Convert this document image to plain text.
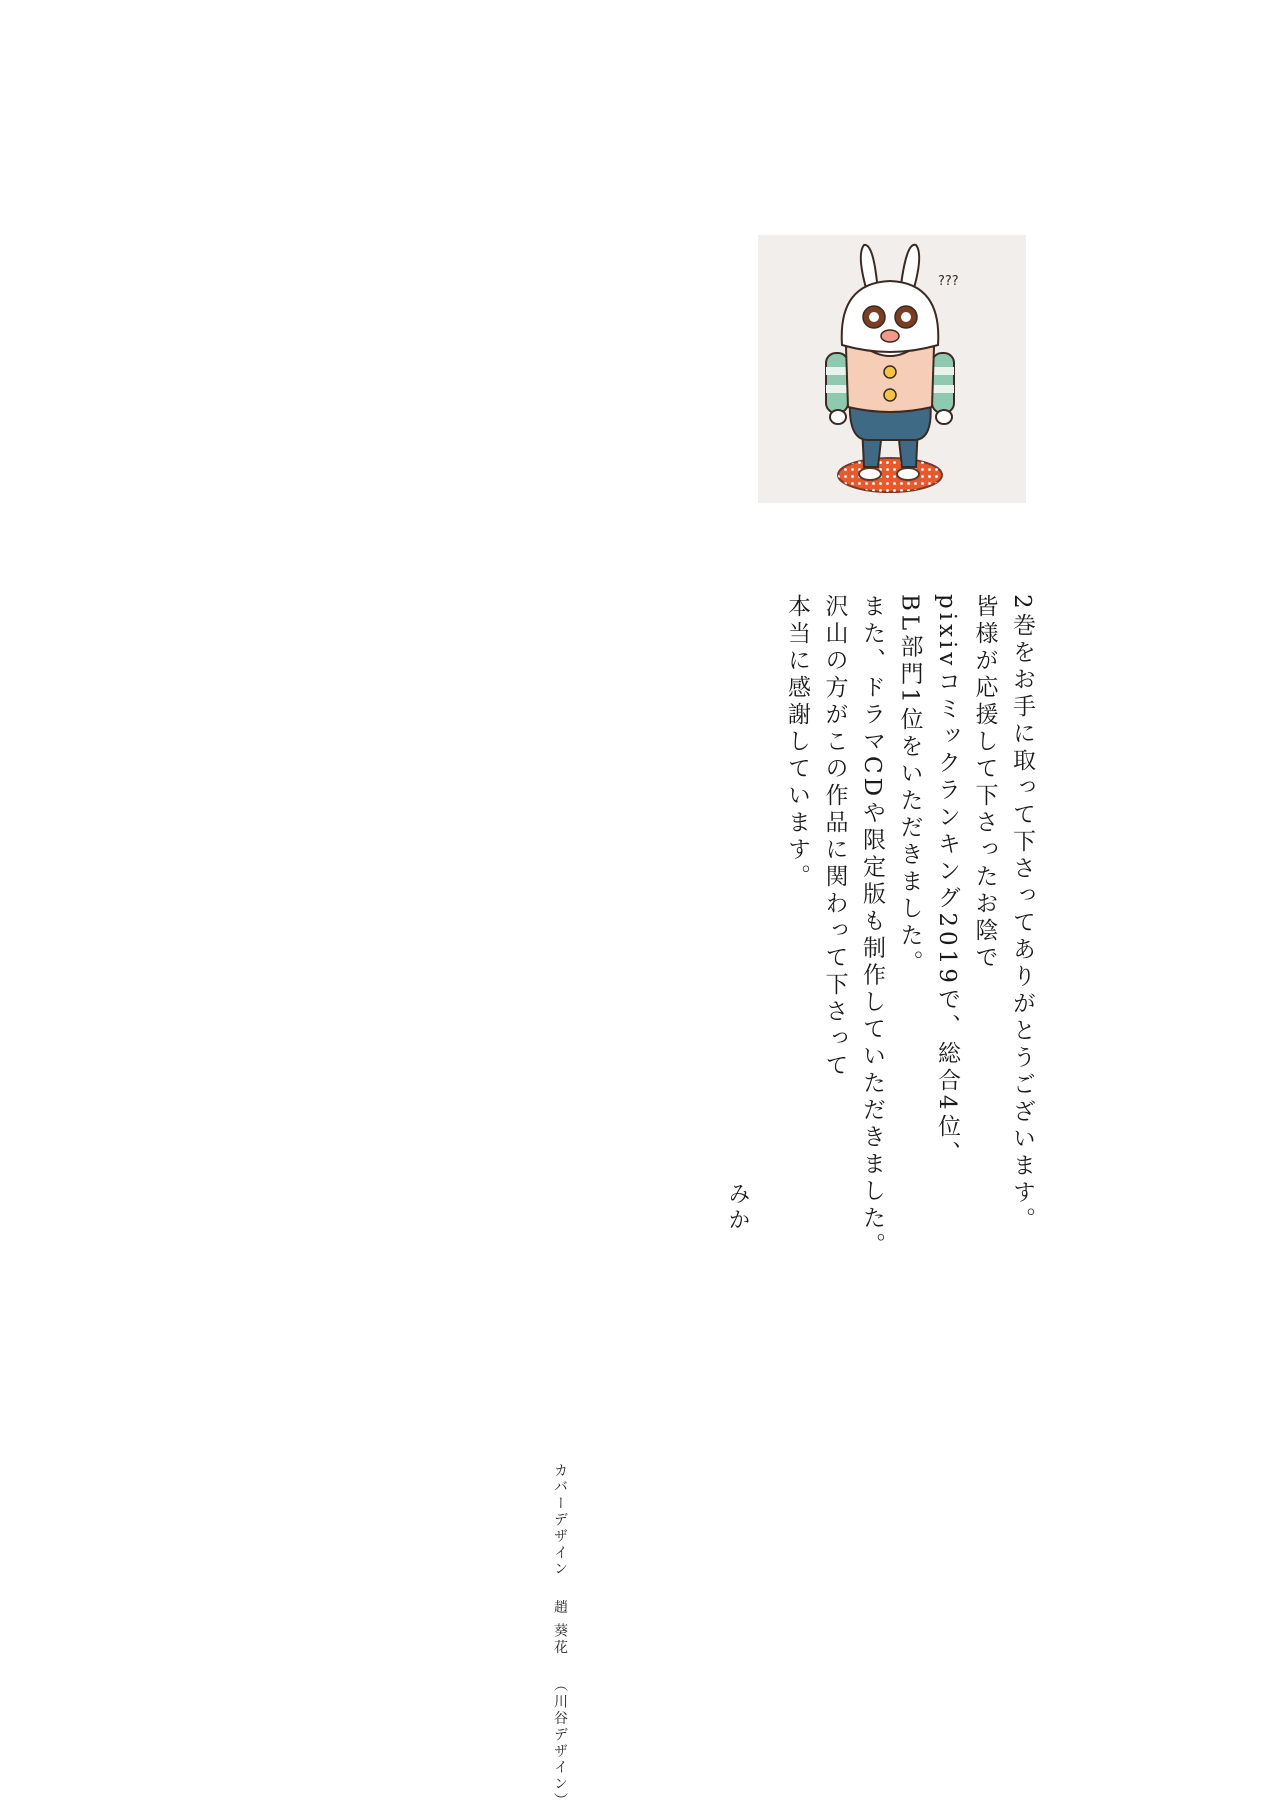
???
2巻をお手に取って下さってありがとうございます。
皆様が応援して下さったお陰で
pixivコミックランキング2019で、総合4位、
BL部門1位をいただきました。
また、ドラマCDや限定版も制作していただきました。
沢山の方がこの作品に関わって下さって
本当に感謝しています。
みか
カバーデザイン趙 葵花（川谷デザイン）
